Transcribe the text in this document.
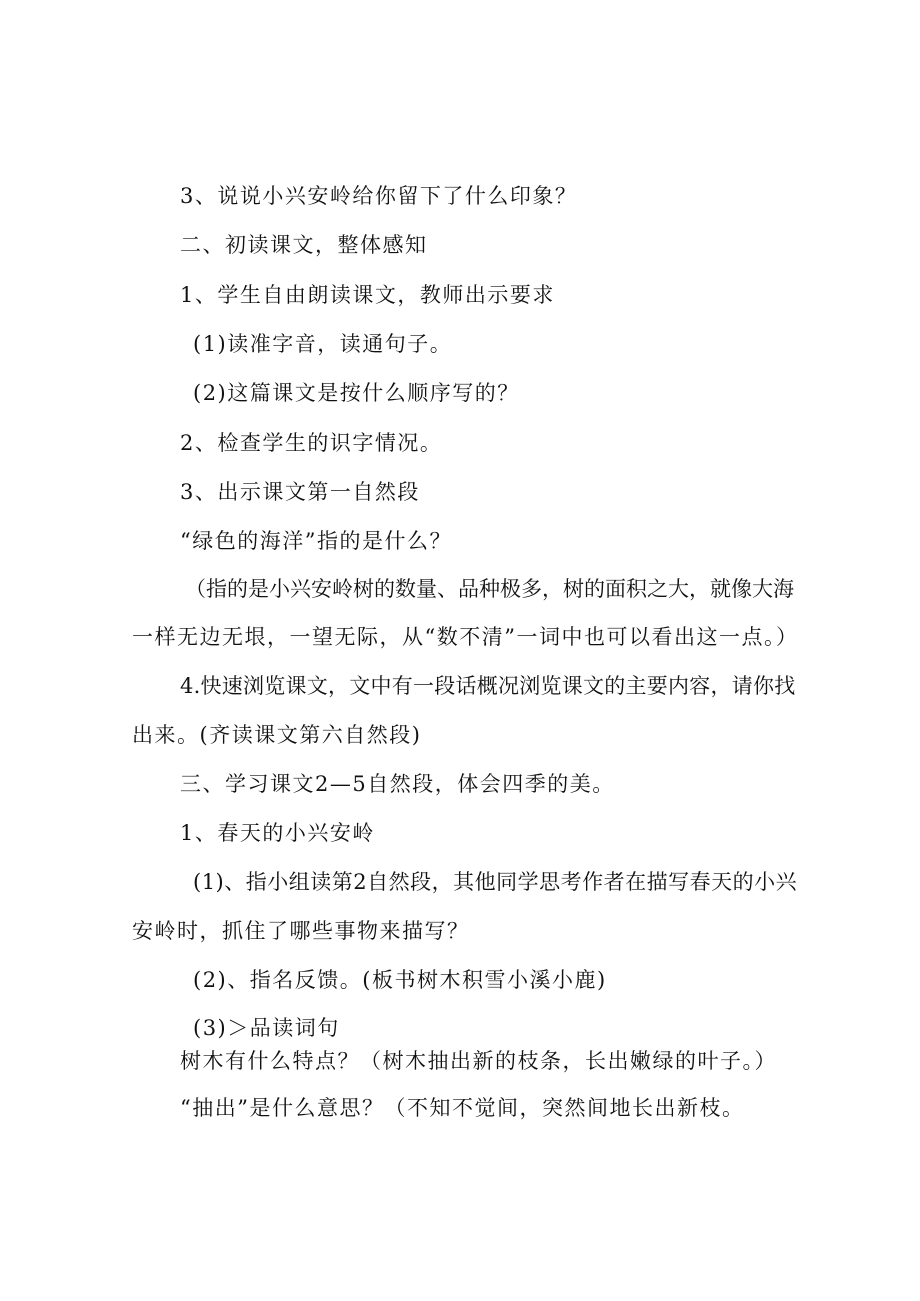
3、说说小兴安岭给你留下了什么印象？
二、初读课文，整体感知
1、学生自由朗读课文，教师出示要求
(1)读准字音，读通句子。
(2)这篇课文是按什么顺序写的？
2、检查学生的识字情况。
3、出示课文第一自然段
“绿色的海洋”指的是什么？
（指的是小兴安岭树的数量、品种极多，树的面积之大，就像大海
一样无边无垠，一望无际，从“数不清”一词中也可以看出这一点。）
4.快速浏览课文，文中有一段话概况浏览课文的主要内容，请你找
出来。(齐读课文第六自然段)
三、学习课文2—5自然段，体会四季的美。
1、春天的小兴安岭
(1)、指小组读第2自然段，其他同学思考作者在描写春天的小兴
安岭时，抓住了哪些事物来描写？
(2)、指名反馈。(板书树木积雪小溪小鹿)
(3)＞品读词句
树木有什么特点？（树木抽出新的枝条，长出嫩绿的叶子。）
“抽出”是什么意思？（不知不觉间，突然间地长出新枝。
